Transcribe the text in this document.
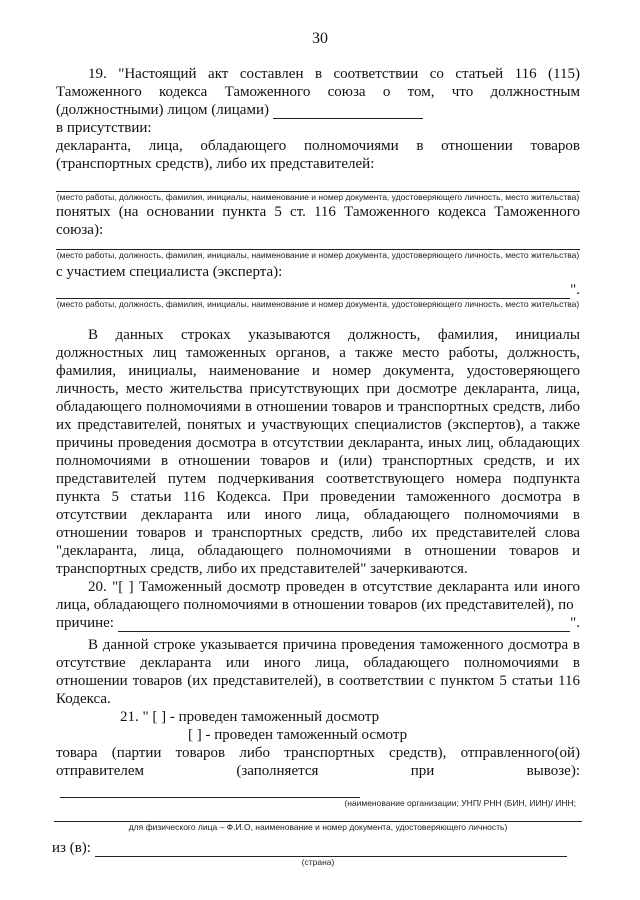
30

19. "Настоящий акт составлен в соответствии со статьей 116 (115) Таможенного кодекса Таможенного союза о том, что должностным (должностными) лицом (лицами)

в присутствии:

декларанта, лица, обладающего полномочиями в отношении товаров (транспортных средств), либо их представителей:

(место работы, должность, фамилия, инициалы, наименование и номер документа, удостоверяющего личность, место жительства)

понятых (на основании пункта 5 ст. 116 Таможенного кодекса Таможенного союза):

(место работы, должность, фамилия, инициалы, наименование и номер документа, удостоверяющего личность, место жительства)

с участием специалиста (эксперта):

".
(место работы, должность, фамилия, инициалы, наименование и номер документа, удостоверяющего личность, место жительства)

В данных строках указываются должность, фамилия, инициалы должностных лиц таможенных органов, а также место работы, должность, фамилия, инициалы, наименование и номер документа, удостоверяющего личность, место жительства присутствующих при досмотре декларанта, лица, обладающего полномочиями в отношении товаров и транспортных средств, либо их представителей, понятых и участвующих специалистов (экспертов), а также причины проведения досмотра в отсутствии декларанта, иных лиц, обладающих полномочиями в отношении товаров и (или) транспортных средств, и их представителей путем подчеркивания соответствующего номера подпункта пункта 5 статьи 116 Кодекса. При проведении таможенного досмотра в отсутствии декларанта или иного лица, обладающего полномочиями в отношении товаров и транспортных средств, либо их представителей слова "декларанта, лица, обладающего полномочиями в отношении товаров и транспортных средств, либо их представителей" зачеркиваются.

20. "[ ] Таможенный досмотр проведен в отсутствие декларанта или иного лица, обладающего полномочиями в отношении товаров (их представителей), по

причине:	".

В данной строке указывается причина проведения таможенного досмотра в отсутствие декларанта или иного лица, обладающего полномочиями в отношении товаров (их представителей), в соответствии с пунктом 5 статьи 116 Кодекса.

21. " [ ] - проведен таможенный досмотр
[ ] - проведен таможенный осмотр

товара (партии товаров либо транспортных средств), отправленного(ой) отправителем (заполняется при вывозе):

(наименование организации; УНП/ РНН (БИН, ИИН)/ ИНН;
для физического лица – Ф.И.О, наименование и номер документа, удостоверяющего личность)
из (в):
(страна)
